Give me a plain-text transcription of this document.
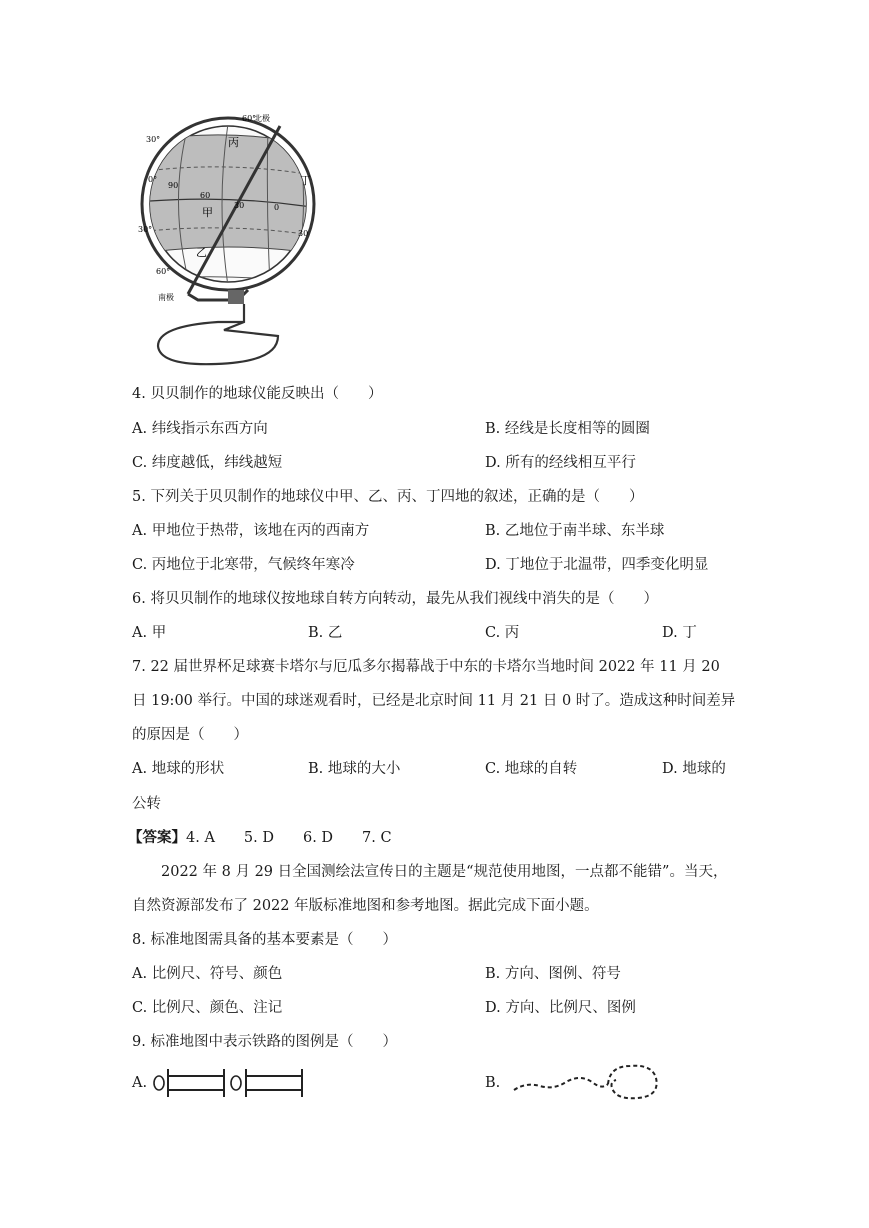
北极
60°
30°
0°
30°
60°
南极
90
60
30	0
30
甲
乙
丙
丁
4. 贝贝制作的地球仪能反映出（　　）
A. 纬线指示东西方向	B. 经线是长度相等的圆圈
C. 纬度越低，纬线越短	D. 所有的经线相互平行
5. 下列关于贝贝制作的地球仪中甲、乙、丙、丁四地的叙述，正确的是（　　）
A. 甲地位于热带，该地在丙的西南方	B. 乙地位于南半球、东半球
C. 丙地位于北寒带，气候终年寒冷	D. 丁地位于北温带，四季变化明显
6. 将贝贝制作的地球仪按地球自转方向转动，最先从我们视线中消失的是（　　）
A. 甲	B. 乙	C. 丙	D. 丁
7. 22 届世界杯足球赛卡塔尔与厄瓜多尔揭幕战于中东的卡塔尔当地时间 2022 年 11 月 20
日 19:00 举行。中国的球迷观看时，已经是北京时间 11 月 21 日 0 时了。造成这种时间差异
的原因是（　　）
A. 地球的形状	B. 地球的大小	C. 地球的自转	D. 地球的
公转
【答案】4. A　　5. D　　6. D　　7. C
2022 年 8 月 29 日全国测绘法宣传日的主题是“规范使用地图，一点都不能错”。当天，自然资源部发布了 2022 年版标准地图和参考地图。据此完成下面小题。
8. 标准地图需具备的基本要素是（　　）
A. 比例尺、符号、颜色	B. 方向、图例、符号
C. 比例尺、颜色、注记	D. 方向、比例尺、图例
9. 标准地图中表示铁路的图例是（　　）
A.	B.
